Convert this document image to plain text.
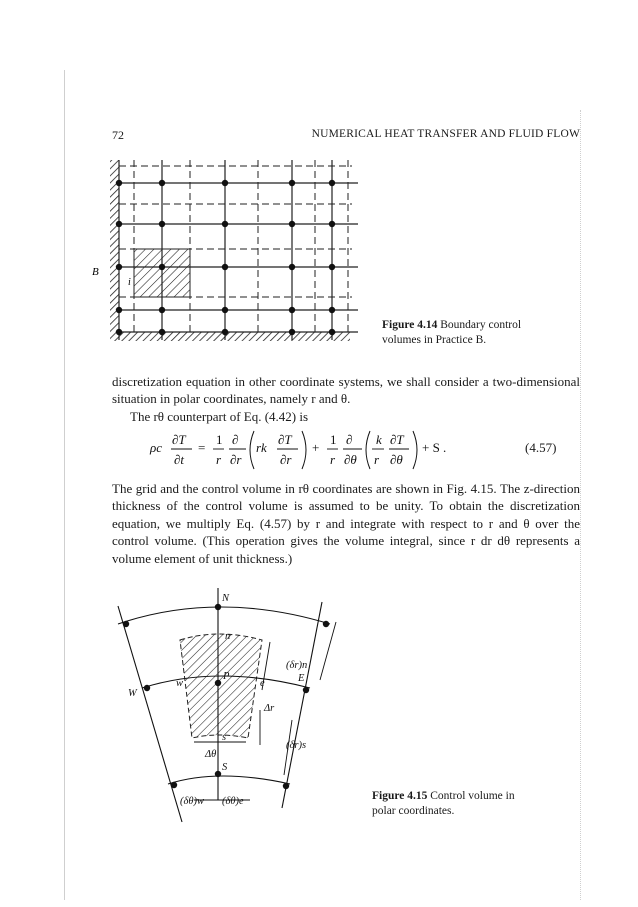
72	NUMERICAL HEAT TRANSFER AND FLUID FLOW
B
i
Figure 4.14 Boundary control
volumes in Practice B.
discretization equation in other coordinate systems, we shall consider a two-dimensional situation in polar coordinates, namely r and θ.
The rθ counterpart of Eq. (4.42) is
ρc
∂T
∂t
=
1
r
∂
∂r
rk
∂T
∂r
+
1
r
∂
∂θ
k
r
∂T
∂θ
+ S .	(4.57)
The grid and the control volume in rθ coordinates are shown in Fig. 4.15. The z-direction thickness of the control volume is assumed to be unity. To obtain the discretization equation, we multiply Eq. (4.57) by r and integrate with respect to r and θ over the control volume. (This operation gives the volume integral, since r dr dθ represents a volume element of unit thickness.)
N
n
P
w	e
W
E
s
S
Δr
Δθ
(δr)n
(δr)s
(δθ)w (δθ)e	Figure 4.15 Control volume in
polar coordinates.
